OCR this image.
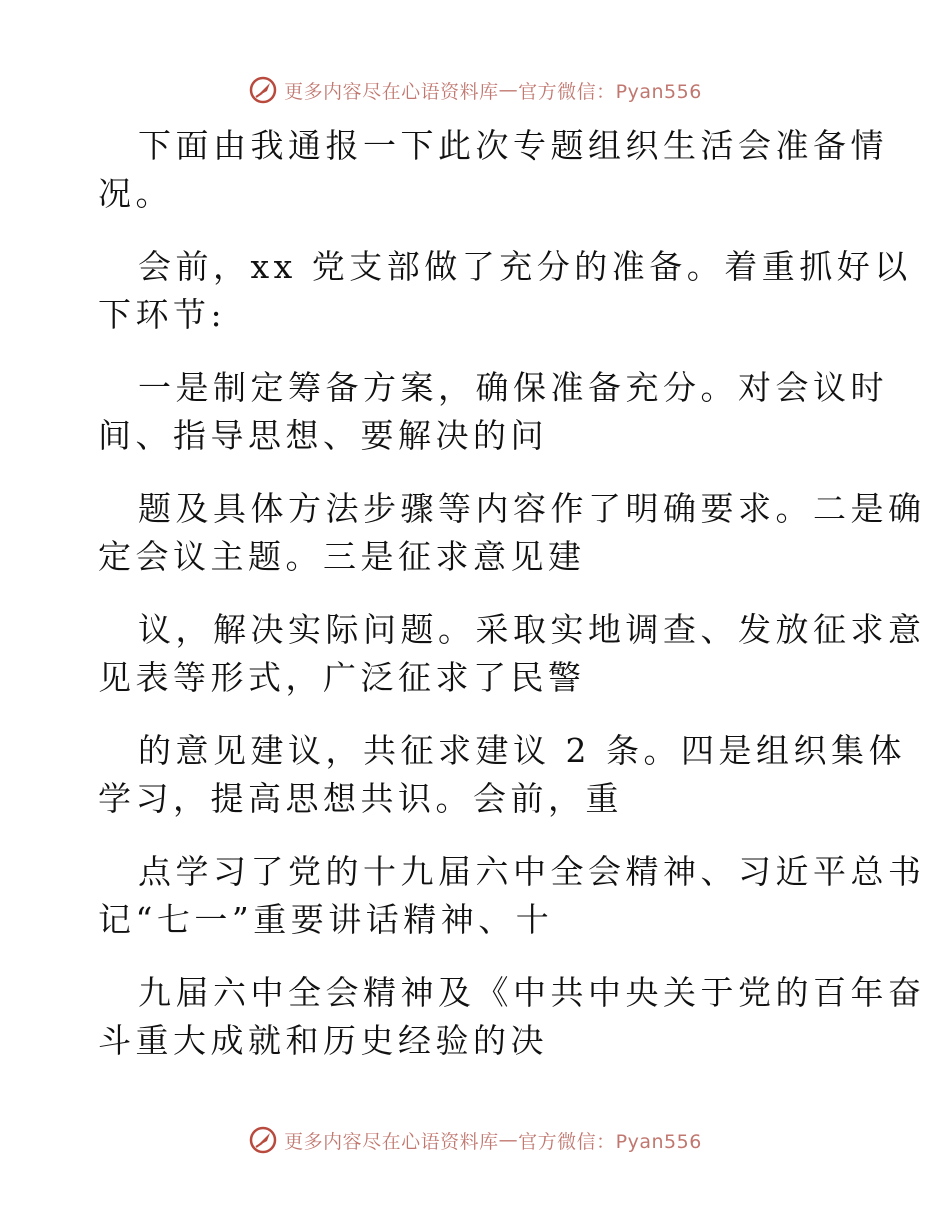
更多内容尽在心语资料库 — 官方微信：Pyan556
下面由我通报一下此次专题组织生活会准备情
况。
会前，xx 党支部做了充分的准备。着重抓好以
下环节:
一是制定筹备方案，确保准备充分。对会议时
间、指导思想、要解决的问
题及具体方法步骤等内容作了明确要求。二是确
定会议主题。三是征求意见建
议，解决实际问题。采取实地调查、发放征求意
见表等形式，广泛征求了民警
的意见建议，共征求建议 2 条。四是组织集体
学习，提高思想共识。会前，重
点学习了党的十九届六中全会精神、习近平总书
记“七一”重要讲话精神、十
九届六中全会精神及《中共中央关于党的百年奋
斗重大成就和历史经验的决
更多内容尽在心语资料库 — 官方微信：Pyan556
